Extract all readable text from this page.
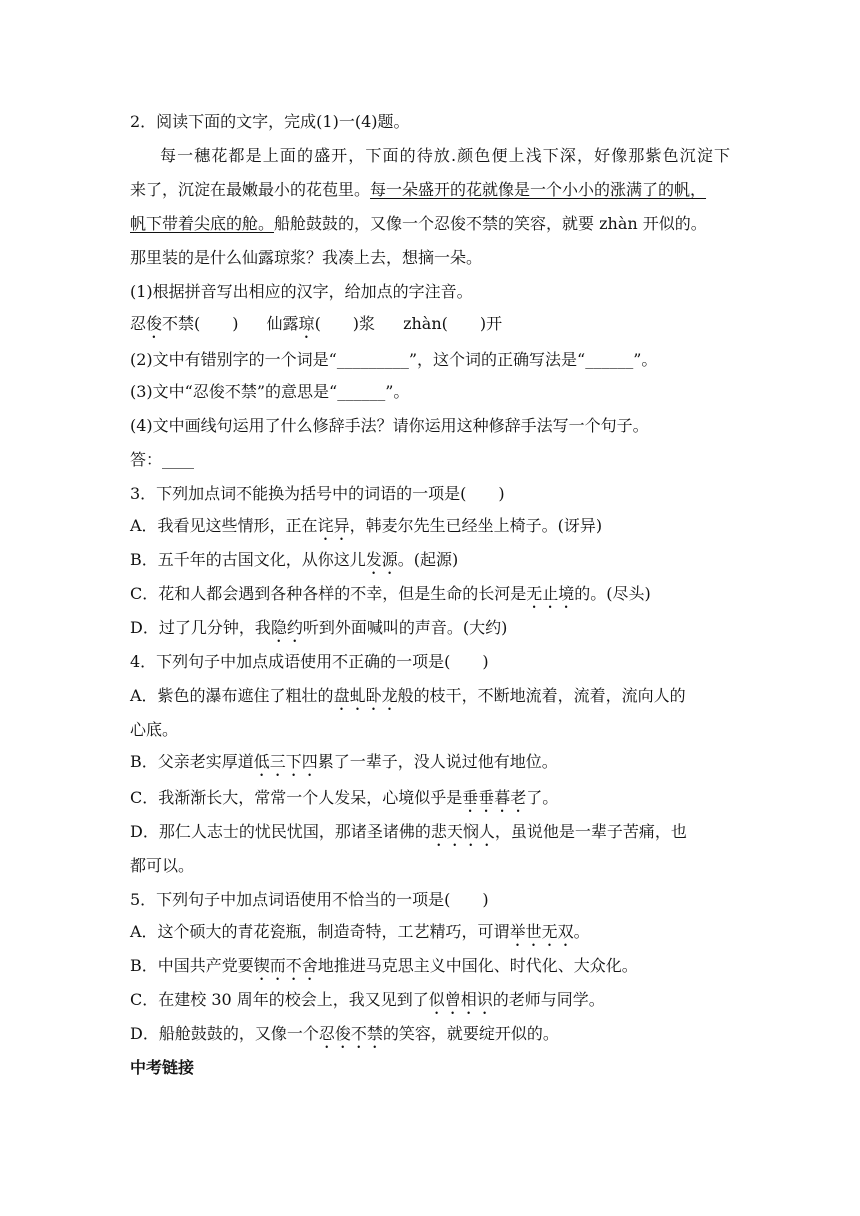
2．阅读下面的文字，完成(1)一(4)题。

每一穗花都是上面的盛开，下面的待放.颜色便上浅下深，好像那紫色沉淀下

来了，沉淀在最嫩最小的花苞里。每一朵盛开的花就像是一个小小的涨满了的帆，

帆下带着尖底的舱。船舱鼓鼓的，又像一个忍俊不禁的笑容，就要 zhàn 开似的。

那里装的是什么仙露琼浆？我凑上去，想摘一朵。

(1)根据拼音写出相应的汉字，给加点的字注音。

忍俊不禁(　　) 仙露琼(　　)浆 zhàn(　　)开

(2)文中有错别字的一个词是“_________”，这个词的正确写法是“______”。

(3)文中“忍俊不禁”的意思是“______”。

(4)文中画线句运用了什么修辞手法？请你运用这种修辞手法写一个句子。

答：____

3．下列加点词不能换为括号中的词语的一项是(　　)

A．我看见这些情形，正在诧异，韩麦尔先生已经坐上椅子。(讶异)

B．五千年的古国文化，从你这儿发源。(起源)

C．花和人都会遇到各种各样的不幸，但是生命的长河是无止境的。(尽头)

D．过了几分钟，我隐约听到外面喊叫的声音。(大约)

4．下列句子中加点成语使用不正确的一项是(　　)

A．紫色的瀑布遮住了粗壮的盘虬卧龙般的枝干，不断地流着，流着，流向人的

心底。

B．父亲老实厚道低三下四累了一辈子，没人说过他有地位。

C．我渐渐长大，常常一个人发呆，心境似乎是垂垂暮老了。

D．那仁人志士的忧民忧国，那诸圣诸佛的悲天悯人，虽说他是一辈子苦痛，也

都可以。

5．下列句子中加点词语使用不恰当的一项是(　　)

A．这个硕大的青花瓷瓶，制造奇特，工艺精巧，可谓举世无双。

B．中国共产党要锲而不舍地推进马克思主义中国化、时代化、大众化。

C．在建校 30 周年的校会上，我又见到了似曾相识的老师与同学。

D．船舱鼓鼓的，又像一个忍俊不禁的笑容，就要绽开似的。

中考链接
